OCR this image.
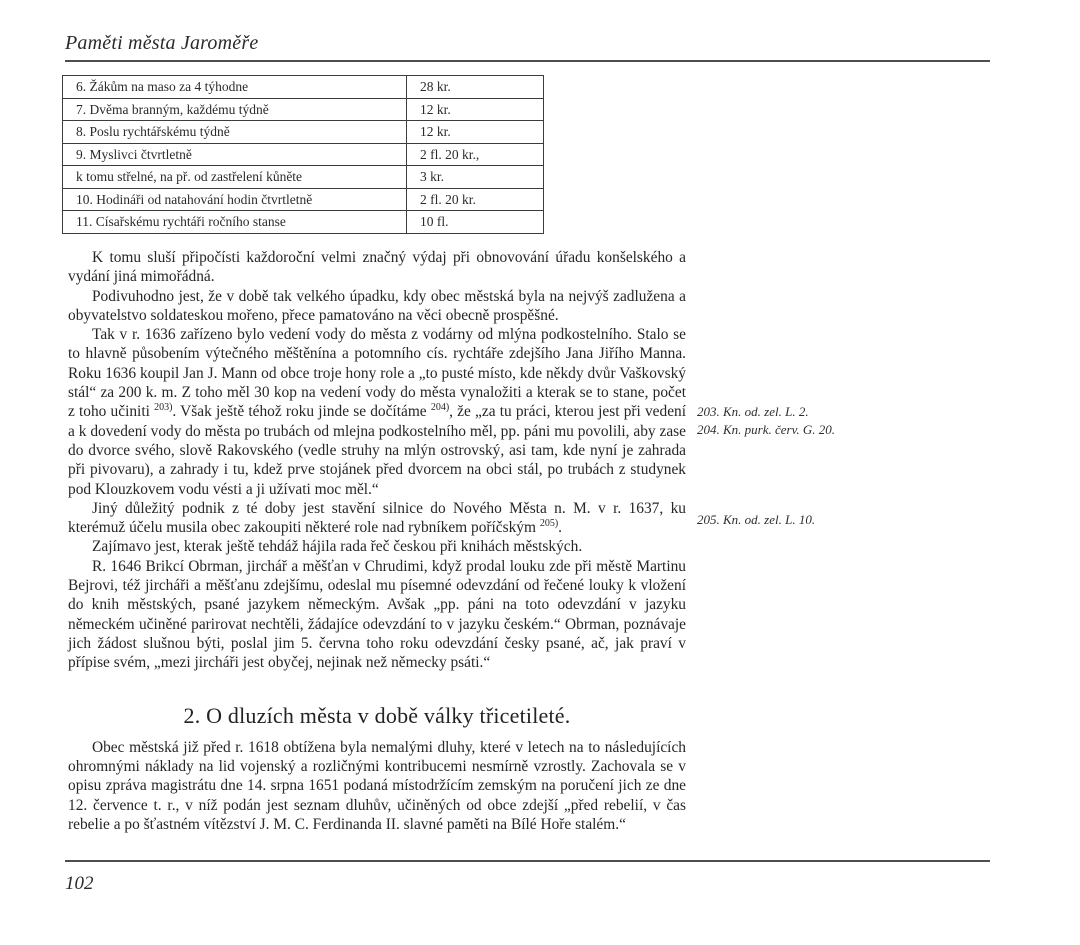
Paměti města Jaroměře
6. Žákům na maso za 4 týhodne	28 kr.
7. Dvěma branným, každému týdně	12 kr.
8. Poslu rychtářskému týdně	12 kr.
9. Myslivci čtvrtletně	2 fl. 20 kr.,
k tomu střelné, na př. od zastřelení kůněte	3 kr.
10. Hodináři od natahování hodin čtvrtletně	2 fl. 20 kr.
11. Císařskému rychtáři ročního stanse	10 fl.

K tomu sluší připočísti každoroční velmi značný výdaj při obnovování úřadu konšelského a vydání jiná mimořádná.

Podivuhodno jest, že v době tak velkého úpadku, kdy obec městská byla na nejvýš zadlužena a obyvatelstvo soldateskou mořeno, přece pamatováno na věci obecně prospěšné.

Tak v r. 1636 zařízeno bylo vedení vody do města z vodárny od mlýna podkostelního. Stalo se to hlavně působením výtečného měštěnína a potomního cís. rychtáře zdejšího Jana Jiřího Manna. Roku 1636 koupil Jan J. Mann od obce troje hony role a „to pusté místo, kde někdy dvůr Vaškovský stál“ za 200 k. m. Z toho měl 30 kop na vedení vody do města vynaložiti a kterak se to stane, počet z toho učiniti $^{203)}$. Však ještě téhož roku jinde se dočítáme $^{204)}$, že „za tu práci, kterou jest při vedení a k dovedení vody do města po trubách od mlejna podkostelního měl, pp. páni mu povolili, aby zase do dvorce svého, slově Rakovského (vedle struhy na mlýn ostrovský, asi tam, kde nyní je zahrada při pivovaru), a zahrady i tu, kdež prve stojánek před dvorcem na obci stál, po trubách z studynek pod Klouzkovem vodu vésti a ji užívati moc měl.“

Jiný důležitý podnik z té doby jest stavění silnice do Nového Města n. M. v r. 1637, ku kterémuž účelu musila obec zakoupiti některé role nad rybníkem poříčským $^{205)}$.

Zajímavo jest, kterak ještě tehdáž hájila rada řeč českou při knihách městských.

R. 1646 Brikcí Obrman, jirchář a měšťan v Chrudimi, když prodal louku zde při městě Martinu Bejrovi, též jircháři a měšťanu zdejšímu, odeslal mu písemné odevzdání od řečené louky k vložení do knih městských, psané jazykem německým. Avšak „pp. páni na toto odevzdání v jazyku německém učiněné parirovat nechtěli, žádajíce odevzdání to v jazyku českém.“ Obrman, poznávaje jich žádost slušnou býti, poslal jim 5. června toho roku odevzdání česky psané, ač, jak praví v přípise svém, „mezi jircháři jest obyčej, nejinak než německy psáti.“

2. O dluzích města v době války třicetileté.

Obec městská již před r. 1618 obtížena byla nemalými dluhy, které v letech na to následujících ohromnými náklady na lid vojenský a rozličnými kontribucemi nesmírně vzrostly. Zachovala se v opisu zpráva magistrátu dne 14. srpna 1651 podaná místodržícím zemským na poručení jich ze dne 12. července t. r., v níž podán jest seznam dluhův, učiněných od obce zdejší „před rebelií, v čas rebelie a po šťastném vítězství J. M. C. Ferdinanda II. slavné paměti na Bílé Hoře stalém.“

203. Kn. od. zel. L. 2.
204. Kn. purk. červ. G. 20.
205. Kn. od. zel. L. 10.
102
